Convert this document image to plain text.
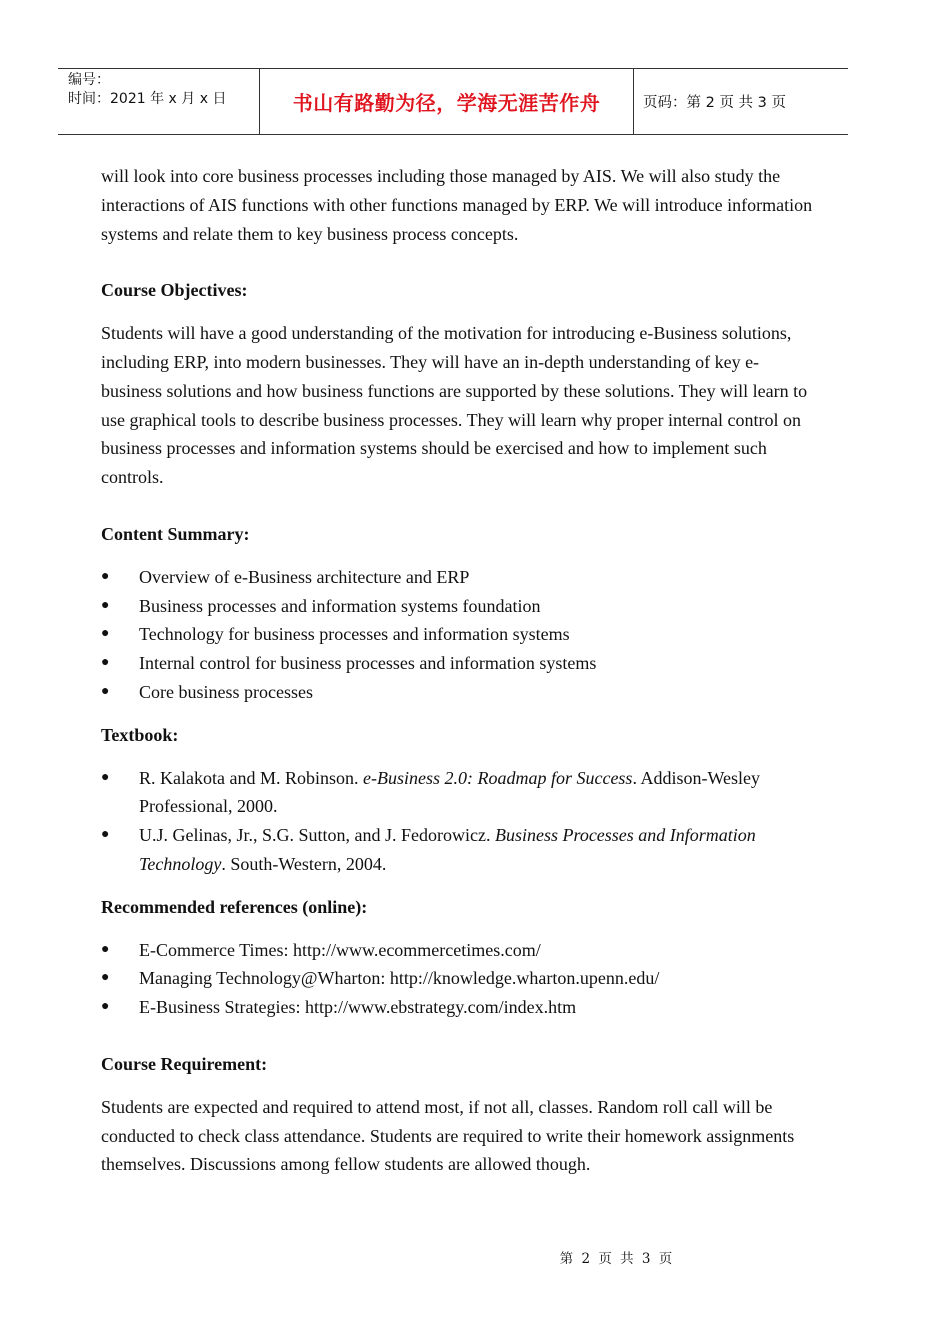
编号：
时间：2021 年 x 月 x 日	书山有路勤为径，学海无涯苦作舟	页码：第 2 页 共 3 页

will look into core business processes including those managed by AIS. We will also study the interactions of AIS functions with other functions managed by ERP. We will introduce information systems and relate them to key business process concepts.

Course Objectives:

Students will have a good understanding of the motivation for introducing e-Business solutions, including ERP, into modern businesses. They will have an in-depth understanding of key e-business solutions and how business functions are supported by these solutions. They will learn to use graphical tools to describe business processes. They will learn why proper internal control on business processes and information systems should be exercised and how to implement such controls.

Content Summary:

● Overview of e-Business architecture and ERP
● Business processes and information systems foundation
● Technology for business processes and information systems
● Internal control for business processes and information systems
● Core business processes

Textbook:

● R. Kalakota and M. Robinson. e-Business 2.0: Roadmap for Success. Addison-Wesley Professional, 2000.
● U.J. Gelinas, Jr., S.G. Sutton, and J. Fedorowicz. Business Processes and Information Technology. South-Western, 2004.

Recommended references (online):

● E-Commerce Times: http://www.ecommercetimes.com/
● Managing Technology@Wharton: http://knowledge.wharton.upenn.edu/
● E-Business Strategies: http://www.ebstrategy.com/index.htm

Course Requirement:

Students are expected and required to attend most, if not all, classes. Random roll call will be conducted to check class attendance. Students are required to write their homework assignments themselves. Discussions among fellow students are allowed though.

第 2 页 共 3 页
